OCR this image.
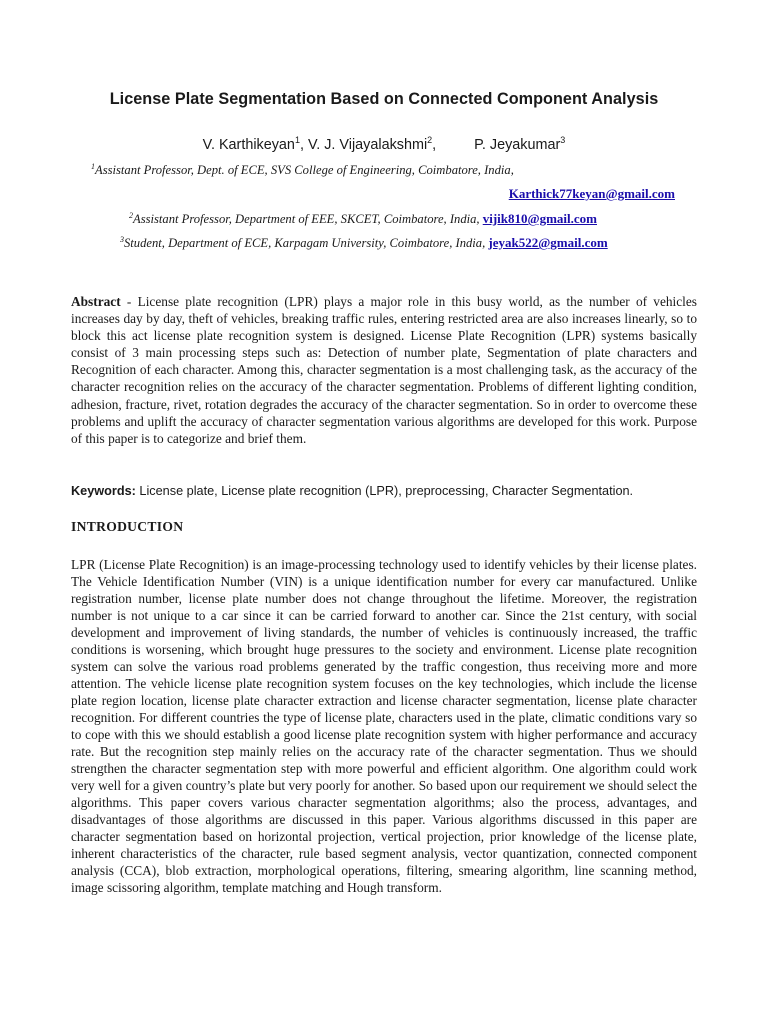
License Plate Segmentation Based on Connected Component Analysis
V. Karthikeyan$^1$, V. J. Vijayalakshmi$^2$,	P. Jeyakumar$^3$
$^1$Assistant Professor, Dept. of ECE, SVS College of Engineering, Coimbatore, India,
Karthick77keyan@gmail.com
$^2$Assistant Professor, Department of EEE, SKCET, Coimbatore, India, vijik810@gmail.com
$^3$Student, Department of ECE, Karpagam University, Coimbatore, India, jeyak522@gmail.com

Abstract - License plate recognition (LPR) plays a major role in this busy world, as the number of vehicles increases day by day, theft of vehicles, breaking traffic rules, entering restricted area are also increases linearly, so to block this act license plate recognition system is designed. License Plate Recognition (LPR) systems basically consist of 3 main processing steps such as: Detection of number plate, Segmentation of plate characters and Recognition of each character. Among this, character segmentation is a most challenging task, as the accuracy of the character recognition relies on the accuracy of the character segmentation. Problems of different lighting condition, adhesion, fracture, rivet, rotation degrades the accuracy of the character segmentation. So in order to overcome these problems and uplift the accuracy of character segmentation various algorithms are developed for this work. Purpose of this paper is to categorize and brief them.

Keywords: License plate, License plate recognition (LPR), preprocessing, Character Segmentation.

INTRODUCTION

LPR (License Plate Recognition) is an image-processing technology used to identify vehicles by their license plates. The Vehicle Identification Number (VIN) is a unique identification number for every car manufactured. Unlike registration number, license plate number does not change throughout the lifetime. Moreover, the registration number is not unique to a car since it can be carried forward to another car. Since the 21st century, with social development and improvement of living standards, the number of vehicles is continuously increased, the traffic conditions is worsening, which brought huge pressures to the society and environment. License plate recognition system can solve the various road problems generated by the traffic congestion, thus receiving more and more attention. The vehicle license plate recognition system focuses on the key technologies, which include the license plate region location, license plate character extraction and license character segmentation, license plate character recognition. For different countries the type of license plate, characters used in the plate, climatic conditions vary so to cope with this we should establish a good license plate recognition system with higher performance and accuracy rate. But the recognition step mainly relies on the accuracy rate of the character segmentation. Thus we should strengthen the character segmentation step with more powerful and efficient algorithm. One algorithm could work very well for a given country’s plate but very poorly for another. So based upon our requirement we should select the algorithms. This paper covers various character segmentation algorithms; also the process, advantages, and disadvantages of those algorithms are discussed in this paper. Various algorithms discussed in this paper are character segmentation based on horizontal projection, vertical projection, prior knowledge of the license plate, inherent characteristics of the character, rule based segment analysis, vector quantization, connected component analysis (CCA), blob extraction, morphological operations, filtering, smearing algorithm, line scanning method, image scissoring algorithm, template matching and Hough transform.
